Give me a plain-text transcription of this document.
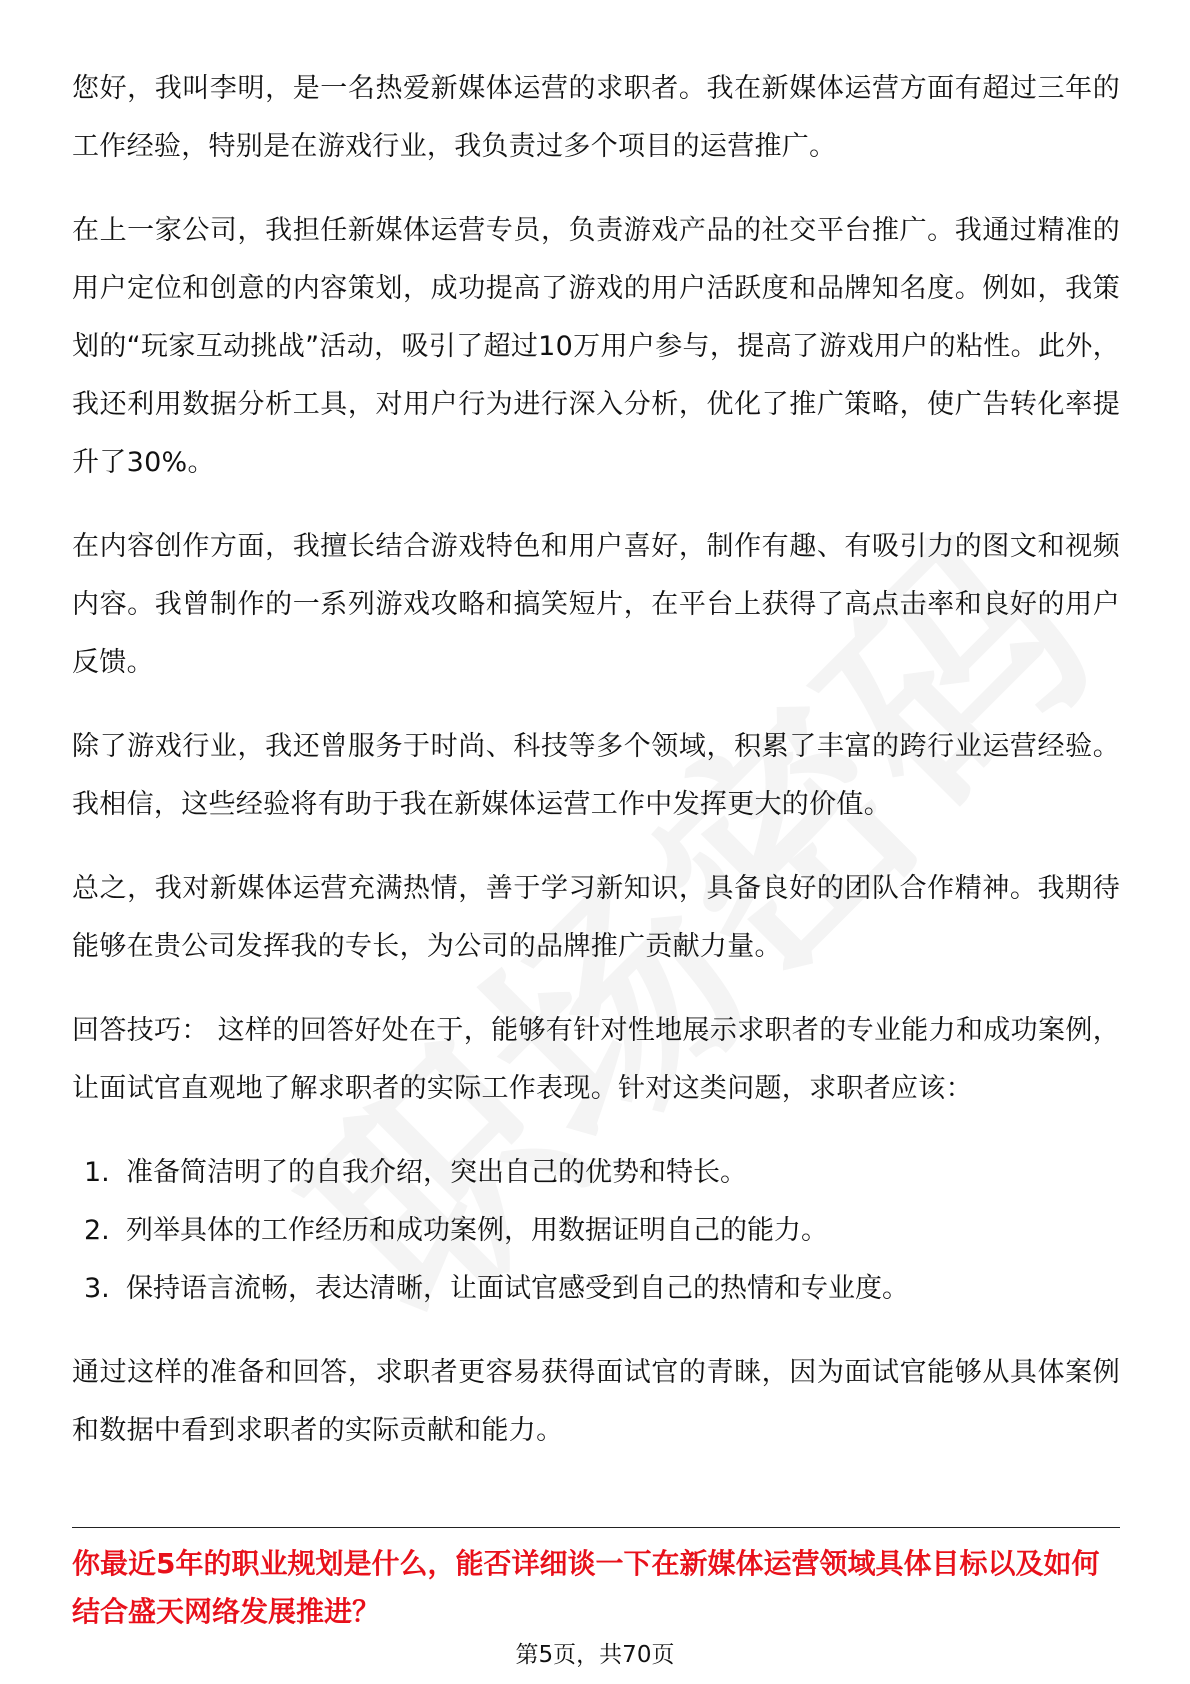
您好，我叫李明，是一名热爱新媒体运营的求职者。我在新媒体运营方面有超过三年的工作经验，特别是在游戏行业，我负责过多个项目的运营推广。

在上一家公司，我担任新媒体运营专员，负责游戏产品的社交平台推广。我通过精准的用户定位和创意的内容策划，成功提高了游戏的用户活跃度和品牌知名度。例如，我策划的“玩家互动挑战”活动，吸引了超过10万用户参与，提高了游戏用户的粘性。此外，我还利用数据分析工具，对用户行为进行深入分析，优化了推广策略，使广告转化率提升了30%。

在内容创作方面，我擅长结合游戏特色和用户喜好，制作有趣、有吸引力的图文和视频内容。我曾制作的一系列游戏攻略和搞笑短片，在平台上获得了高点击率和良好的用户反馈。

除了游戏行业，我还曾服务于时尚、科技等多个领域，积累了丰富的跨行业运营经验。我相信，这些经验将有助于我在新媒体运营工作中发挥更大的价值。

总之，我对新媒体运营充满热情，善于学习新知识，具备良好的团队合作精神。我期待能够在贵公司发挥我的专长，为公司的品牌推广贡献力量。

回答技巧： 这样的回答好处在于，能够有针对性地展示求职者的专业能力和成功案例，让面试官直观地了解求职者的实际工作表现。针对这类问题，求职者应该：

1. 准备简洁明了的自我介绍，突出自己的优势和特长。
2. 列举具体的工作经历和成功案例，用数据证明自己的能力。
3. 保持语言流畅，表达清晰，让面试官感受到自己的热情和专业度。

通过这样的准备和回答，求职者更容易获得面试官的青睐，因为面试官能够从具体案例和数据中看到求职者的实际贡献和能力。

你最近5年的职业规划是什么，能否详细谈一下在新媒体运营领域具体目标以及如何结合盛天网络发展推进？

第5页，共70页
